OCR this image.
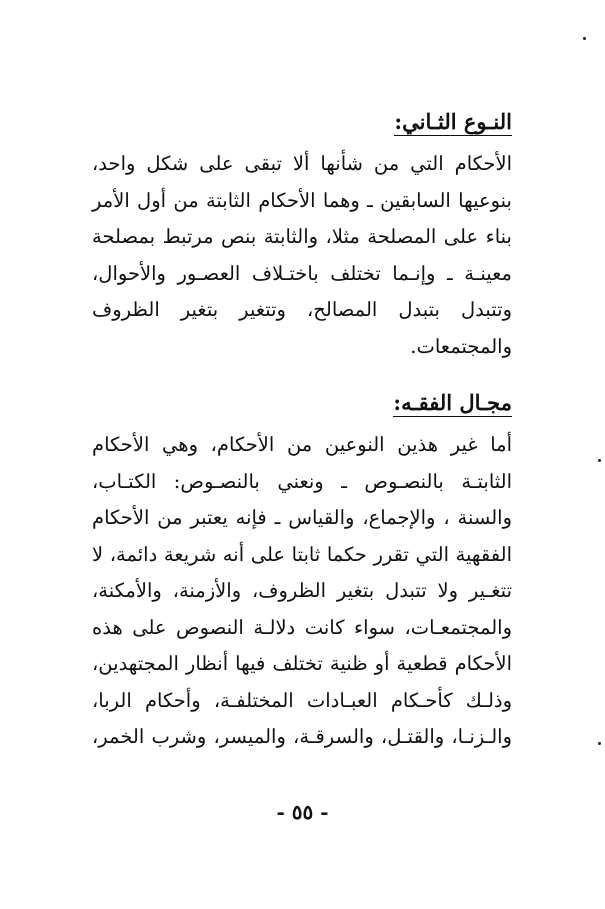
النـوع الثـاني:
الأحكام التي من شأنها ألا تبقى على شكل واحد،
بنوعيها السابقين ـ وهما الأحكام الثابتة من أول الأمر
بناء على المصلحة مثلا، والثابتة بنص مرتبط بمصلحة
معينـة ـ وإنـما تختلف باختـلاف العصـور والأحوال،
وتتبدل بتبدل المصالح، وتتغير بتغير الظروف
والمجتمعات.
مجـال الفقـه:
أما غير هذين النوعين من الأحكام، وهي الأحكام
الثابتـة بالنصـوص ـ ونعني بالنصـوص: الكتـاب،
والسنة ، والإجماع، والقياس ـ فإنه يعتبر من الأحكام
الفقهية التي تقرر حكما ثابتا على أنه شريعة دائمة، لا
تتغـير ولا تتبدل بتغير الظروف، والأزمنة، والأمكنة،
والمجتمعـات، سواء كانت دلالـة النصوص على هذه
الأحكام قطعية أو ظنية تختلف فيها أنظار المجتهدين،
وذلـك كأحـكام العبـادات المختلفـة، وأحكام الربا،
والـزنـا، والقتـل، والسرقـة، والميسر، وشرب الخمر،
- ٥٥ -
